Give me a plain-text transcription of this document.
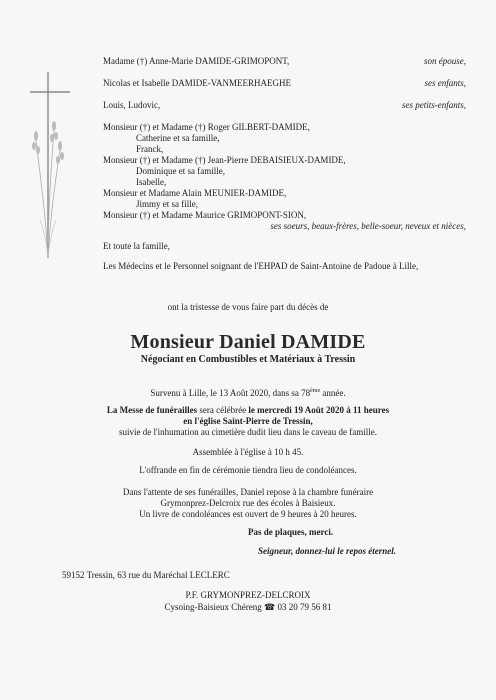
Madame (†) Anne-Marie DAMIDE-GRIMOPONT,	son épouse,
Nicolas et Isabelle DAMIDE-VANMEERHAEGHE	ses enfants,
Louis, Ludovic,	ses petits-enfants,
Monsieur (†) et Madame (†) Roger GILBERT-DAMIDE,
Catherine et sa famille,
Franck,
Monsieur (†) et Madame (†) Jean-Pierre DEBAISIEUX-DAMIDE,
Dominique et sa famille,
Isabelle,
Monsieur et Madame Alain MEUNIER-DAMIDE,
Jimmy et sa fille,
Monsieur (†) et Madame Maurice GRIMOPONT-SION,
ses soeurs, beaux-frères, belle-soeur, neveux et nièces,
Et toute la famille,
Les Médecins et le Personnel soignant de l'EHPAD de Saint-Antoine de Padoue à Lille,
ont la tristesse de vous faire part du décès de
Monsieur Daniel DAMIDE
Négociant en Combustibles et Matériaux à Tressin
Survenu à Lille, le 13 Août 2020, dans sa 78ème année.
La Messe de funérailles sera célébrée le mercredi 19 Août 2020 à 11 heures
en l'église Saint-Pierre de Tressin,
suivie de l'inhumation au cimetière dudit lieu dans le caveau de famille.
Assemblée à l'église à 10 h 45.
L'offrande en fin de cérémonie tiendra lieu de condoléances.
Dans l'attente de ses funérailles, Daniel repose à la chambre funéraire
Grymonprez-Delcroix rue des écoles à Baisieux.
Un livre de condoléances est ouvert de 9 heures à 20 heures.
Pas de plaques, merci.
Seigneur, donnez-lui le repos éternel.
59152 Tressin, 63 rue du Maréchal LECLERC
P.F. GRYMONPREZ-DELCROIX
Cysoing-Baisieux Chéreng ☎ 03 20 79 56 81
